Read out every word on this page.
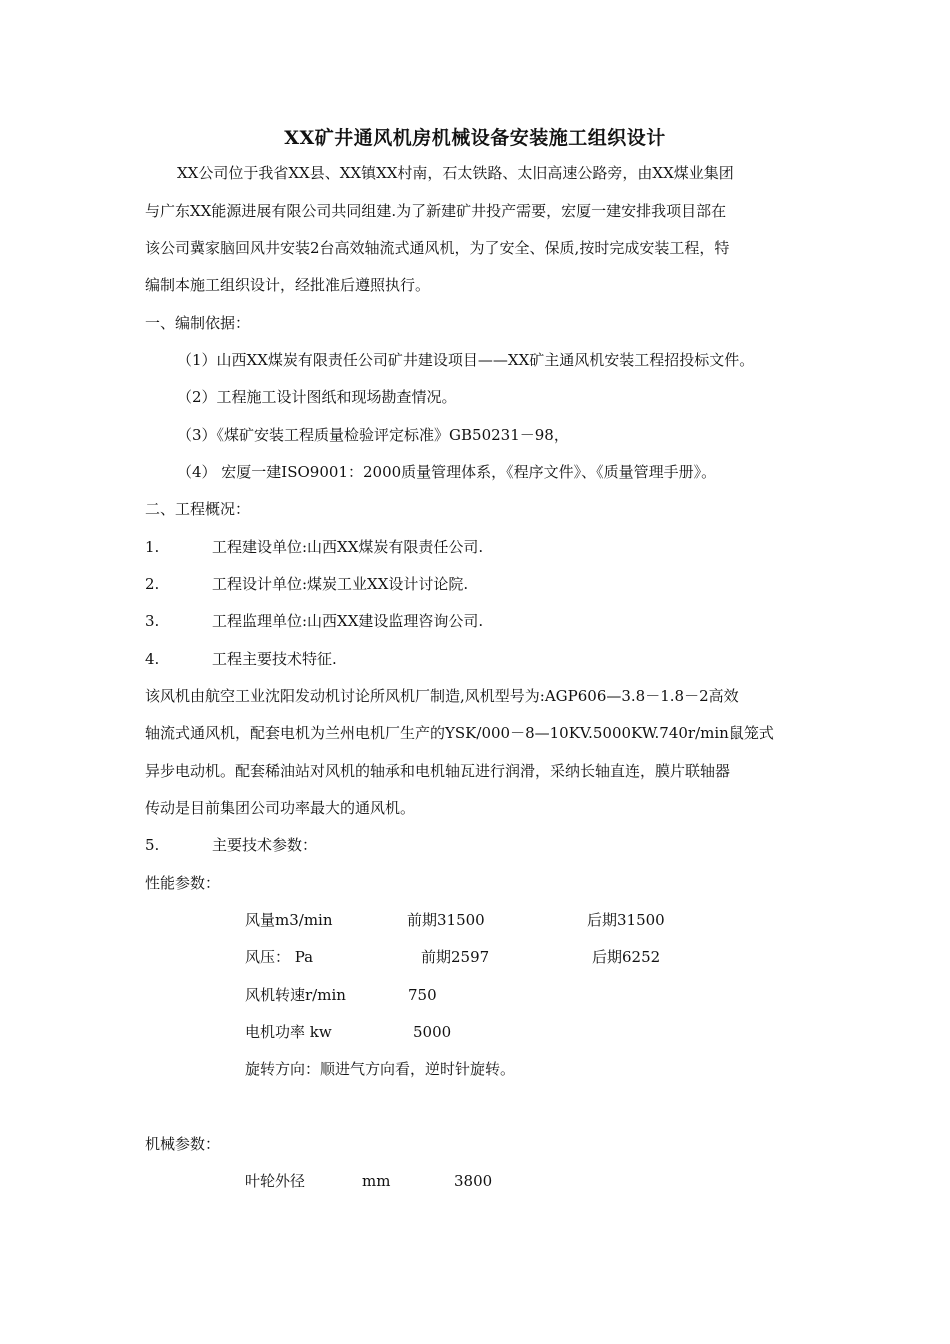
XX矿井通风机房机械设备安装施工组织设计
XX公司位于我省XX县、XX镇XX村南，石太铁路、太旧高速公路旁，由XX煤业集团
与广东XX能源进展有限公司共同组建.为了新建矿井投产需要，宏厦一建安排我项目部在
该公司冀家脑回风井安装2台高效轴流式通风机，为了安全、保质,按时完成安装工程，特
编制本施工组织设计，经批准后遵照执行。
一、编制依据：
（1）山西XX煤炭有限责任公司矿井建设项目——XX矿主通风机安装工程招投标文件。
（2）工程施工设计图纸和现场勘查情况。
（3）《煤矿安装工程质量检验评定标准》GB50231－98，
（4） 宏厦一建ISO9001：2000质量管理体系，《程序文件》、《质量管理手册》。
二、工程概况：
1.	工程建设单位:山西XX煤炭有限责任公司.
2.	工程设计单位:煤炭工业XX设计讨论院.
3.	工程监理单位:山西XX建设监理咨询公司.
4.	工程主要技术特征.
该风机由航空工业沈阳发动机讨论所风机厂制造,风机型号为:AGP606—3.8－1.8－2高效
轴流式通风机，配套电机为兰州电机厂生产的YSK/000－8—10KV.5000KW.740r/min鼠笼式
异步电动机。配套稀油站对风机的轴承和电机轴瓦进行润滑，采纳长轴直连，膜片联轴器
传动是目前集团公司功率最大的通风机。
5.	主要技术参数：
性能参数：
风量m3/min	前期31500	后期31500
风压： Pa	前期2597	后期6252
风机转速r/min	750
电机功率 kw	5000
旋转方向：顺进气方向看，逆时针旋转。
机械参数：
叶轮外径	mm	3800
